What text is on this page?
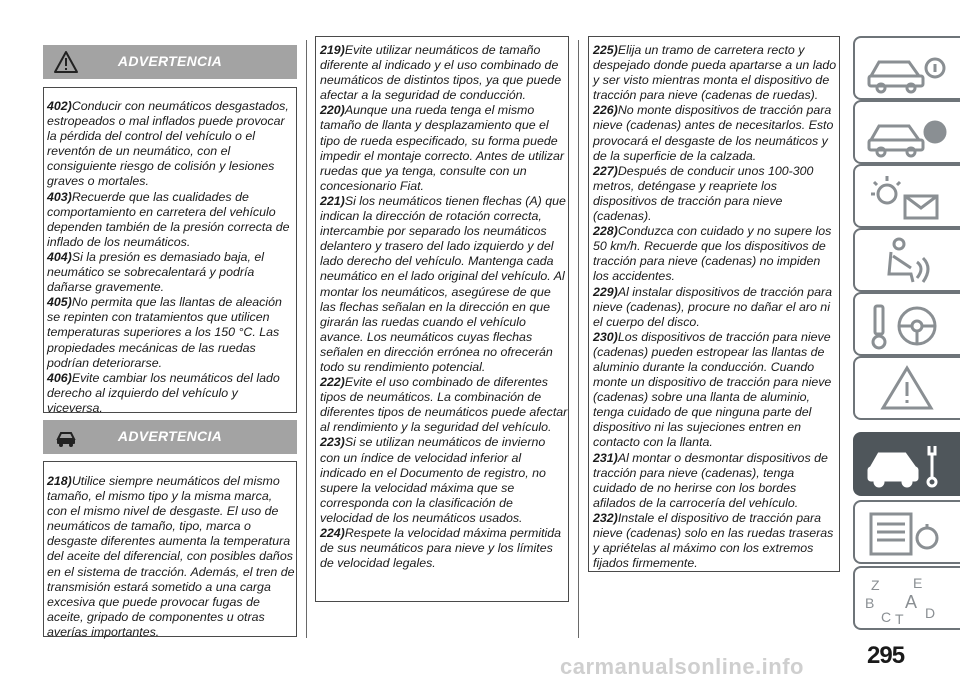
ADVERTENCIA

402)Conducir con neumáticos desgastados, estropeados o mal inflados puede provocar la pérdida del control del vehículo o el reventón de un neumático, con el consiguiente riesgo de colisión y lesiones graves o mortales.

403)Recuerde que las cualidades de comportamiento en carretera del vehículo dependen también de la presión correcta de inflado de los neumáticos.

404)Si la presión es demasiado baja, el neumático se sobrecalentará y podría dañarse gravemente.

405)No permita que las llantas de aleación se repinten con tratamientos que utilicen temperaturas superiores a los 150 °C. Las propiedades mecánicas de las ruedas podrían deteriorarse.

406)Evite cambiar los neumáticos del lado derecho al izquierdo del vehículo y viceversa.

ADVERTENCIA

218)Utilice siempre neumáticos del mismo tamaño, el mismo tipo y la misma marca, con el mismo nivel de desgaste. El uso de neumáticos de tamaño, tipo, marca o desgaste diferentes aumenta la temperatura del aceite del diferencial, con posibles daños en el sistema de tracción. Además, el tren de transmisión estará sometido a una carga excesiva que puede provocar fugas de aceite, gripado de componentes u otras averías importantes.

219)Evite utilizar neumáticos de tamaño diferente al indicado y el uso combinado de neumáticos de distintos tipos, ya que puede afectar a la seguridad de conducción.

220)Aunque una rueda tenga el mismo tamaño de llanta y desplazamiento que el tipo de rueda especificado, su forma puede impedir el montaje correcto. Antes de utilizar ruedas que ya tenga, consulte con un concesionario Fiat.

221)Si los neumáticos tienen flechas (A) que indican la dirección de rotación correcta, intercambie por separado los neumáticos delantero y trasero del lado izquierdo y del lado derecho del vehículo. Mantenga cada neumático en el lado original del vehículo. Al montar los neumáticos, asegúrese de que las flechas señalan en la dirección en que girarán las ruedas cuando el vehículo avance. Los neumáticos cuyas flechas señalen en dirección errónea no ofrecerán todo su rendimiento potencial.

222)Evite el uso combinado de diferentes tipos de neumáticos. La combinación de diferentes tipos de neumáticos puede afectar al rendimiento y la seguridad del vehículo.

223)Si se utilizan neumáticos de invierno con un índice de velocidad inferior al indicado en el Documento de registro, no supere la velocidad máxima que se corresponda con la clasificación de velocidad de los neumáticos usados.

224)Respete la velocidad máxima permitida de sus neumáticos para nieve y los límites de velocidad legales.

225)Elija un tramo de carretera recto y despejado donde pueda apartarse a un lado y ser visto mientras monta el dispositivo de tracción para nieve (cadenas de ruedas).

226)No monte dispositivos de tracción para nieve (cadenas) antes de necesitarlos. Esto provocará el desgaste de los neumáticos y de la superficie de la calzada.

227)Después de conducir unos 100-300 metros, deténgase y reapriete los dispositivos de tracción para nieve (cadenas).

228)Conduzca con cuidado y no supere los 50 km/h. Recuerde que los dispositivos de tracción para nieve (cadenas) no impiden los accidentes.

229)Al instalar dispositivos de tracción para nieve (cadenas), procure no dañar el aro ni el cuerpo del disco.

230)Los dispositivos de tracción para nieve (cadenas) pueden estropear las llantas de aluminio durante la conducción. Cuando monte un dispositivo de tracción para nieve (cadenas) sobre una llanta de aluminio, tenga cuidado de que ninguna parte del dispositivo ni las sujeciones entren en contacto con la llanta.

231)Al montar o desmontar dispositivos de tracción para nieve (cadenas), tenga cuidado de no herirse con los bordes afilados de la carrocería del vehículo.

232)Instale el dispositivo de tracción para nieve (cadenas) solo en las ruedas traseras y apriételas al máximo con los extremos fijados firmemente.

Z E
B A
C T D
carmanualsonline.info	295
